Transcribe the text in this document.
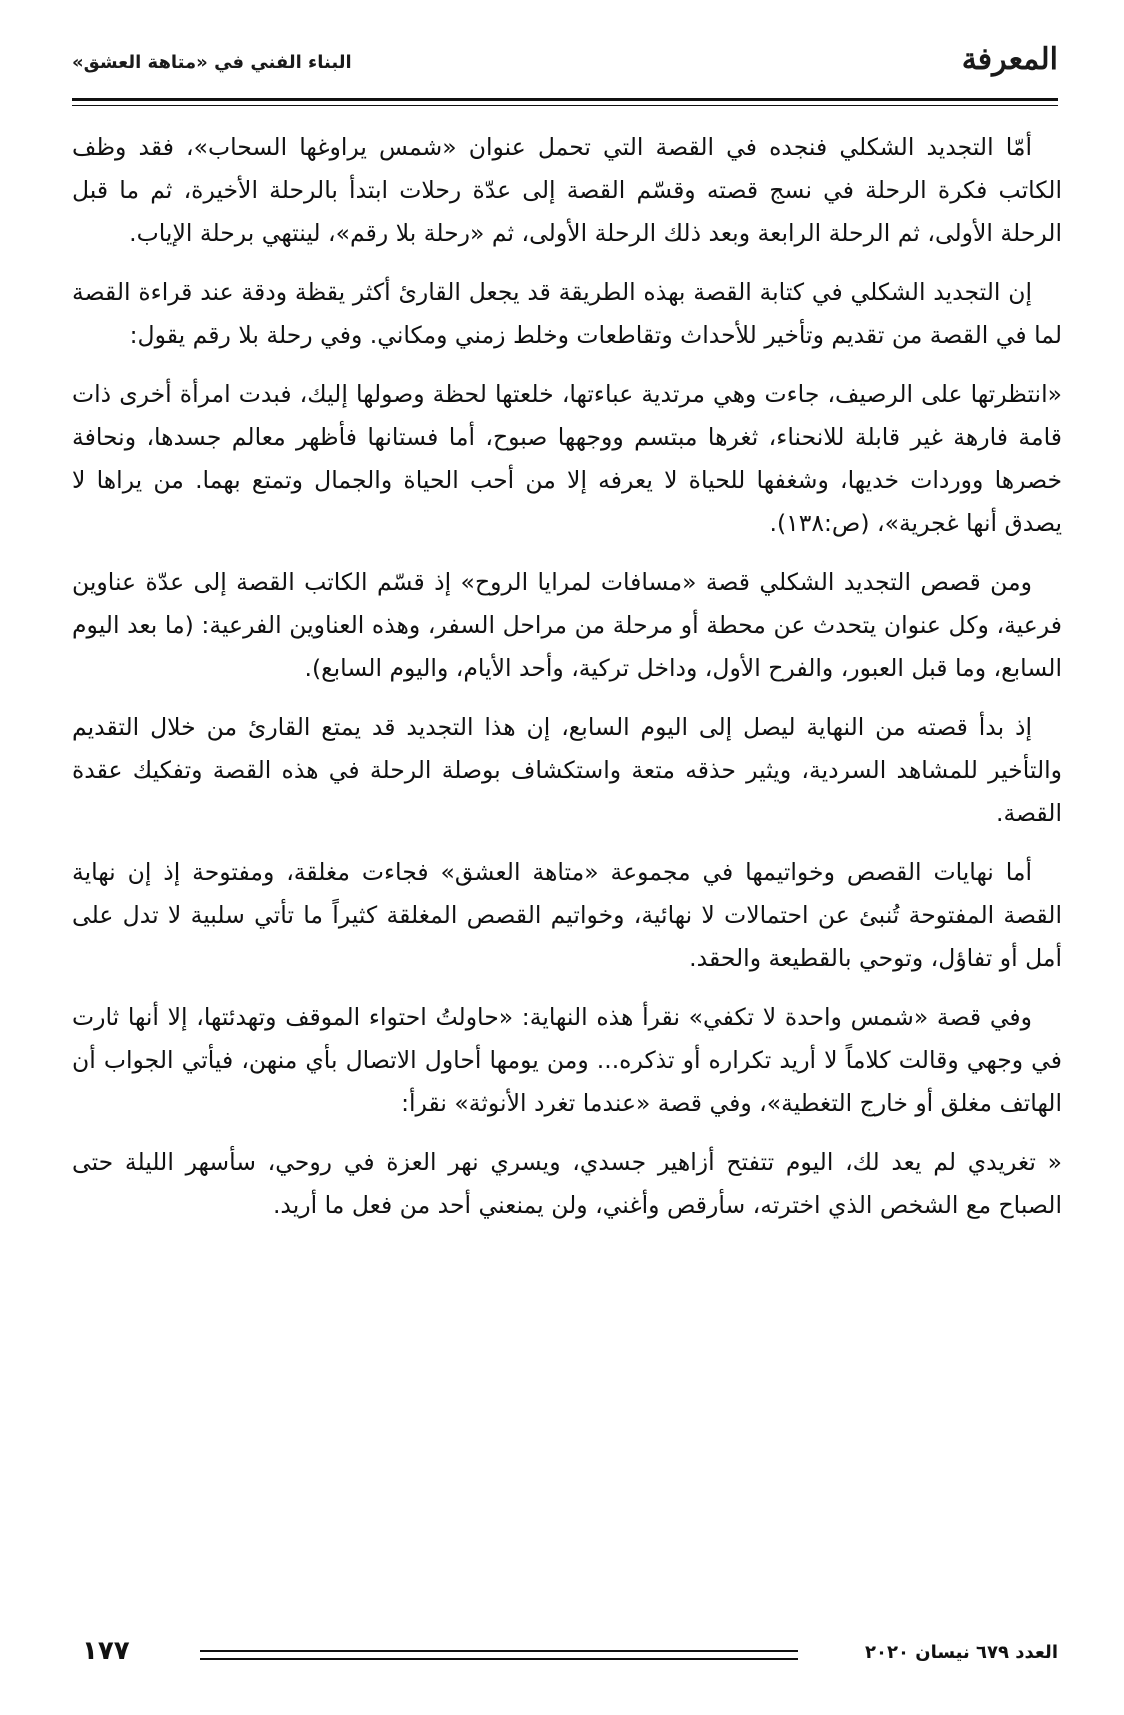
المعرفة
البناء الفني في «متاهة العشق»

أمّا التجديد الشكلي فنجده في القصة التي تحمل عنوان «شمس يراوغها السحاب»، فقد وظف الكاتب فكرة الرحلة في نسج قصته وقسّم القصة إلى عدّة رحلات ابتدأ بالرحلة الأخيرة، ثم ما قبل الرحلة الأولى، ثم الرحلة الرابعة وبعد ذلك الرحلة الأولى، ثم «رحلة بلا رقم»، لينتهي برحلة الإياب.

إن التجديد الشكلي في كتابة القصة بهذه الطريقة قد يجعل القارئ أكثر يقظة ودقة عند قراءة القصة لما في القصة من تقديم وتأخير للأحداث وتقاطعات وخلط زمني ومكاني. وفي رحلة بلا رقم يقول:

«انتظرتها على الرصيف، جاءت وهي مرتدية عباءتها، خلعتها لحظة وصولها إليك، فبدت امرأة أخرى ذات قامة فارهة غير قابلة للانحناء، ثغرها مبتسم ووجهها صبوح، أما فستانها فأظهر معالم جسدها، ونحافة خصرها ووردات خديها، وشغفها للحياة لا يعرفه إلا من أحب الحياة والجمال وتمتع بهما. من يراها لا يصدق أنها غجرية»، (ص:١٣٨).

ومن قصص التجديد الشكلي قصة «مسافات لمرايا الروح» إذ قسّم الكاتب القصة إلى عدّة عناوين فرعية، وكل عنوان يتحدث عن محطة أو مرحلة من مراحل السفر، وهذه العناوين الفرعية: (ما بعد اليوم السابع، وما قبل العبور، والفرح الأول، وداخل تركية، وأحد الأيام، واليوم السابع).

إذ بدأ قصته من النهاية ليصل إلى اليوم السابع، إن هذا التجديد قد يمتع القارئ من خلال التقديم والتأخير للمشاهد السردية، ويثير حذقه متعة واستكشاف بوصلة الرحلة في هذه القصة وتفكيك عقدة القصة.

أما نهايات القصص وخواتيمها في مجموعة «متاهة العشق» فجاءت مغلقة، ومفتوحة إذ إن نهاية القصة المفتوحة تُنبئ عن احتمالات لا نهائية، وخواتيم القصص المغلقة كثيراً ما تأتي سلبية لا تدل على أمل أو تفاؤل، وتوحي بالقطيعة والحقد.

وفي قصة «شمس واحدة لا تكفي» نقرأ هذه النهاية: «حاولتُ احتواء الموقف وتهدئتها، إلا أنها ثارت في وجهي وقالت كلاماً لا أريد تكراره أو تذكره... ومن يومها أحاول الاتصال بأي منهن، فيأتي الجواب أن الهاتف مغلق أو خارج التغطية»، وفي قصة «عندما تغرد الأنوثة» نقرأ:

« تغريدي لم يعد لك، اليوم تتفتح أزاهير جسدي، ويسري نهر العزة في روحي، سأسهر الليلة حتى الصباح مع الشخص الذي اخترته، سأرقص وأغني، ولن يمنعني أحد من فعل ما أريد.

العدد ٦٧٩ نيسان ٢٠٢٠
١٧٧
